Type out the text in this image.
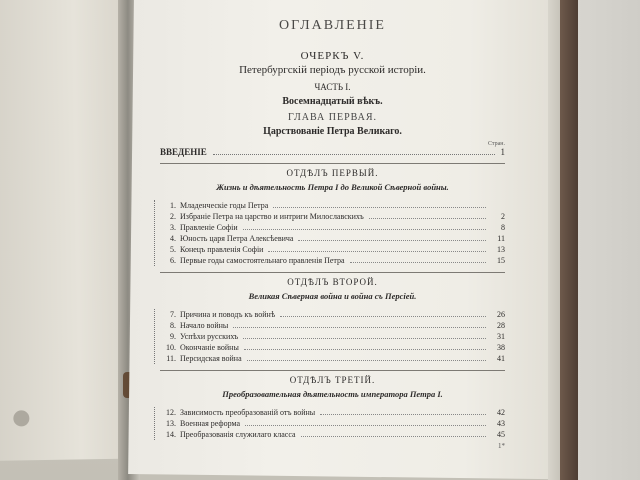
ОГЛАВЛЕНІЕ
ОЧЕРКЪ V.
Петербургскій періодъ русской исторіи.
ЧАСТЬ I.
Восемнадцатый вѣкъ.
ГЛАВА ПЕРВАЯ.
Царствованіе Петра Великаго.
Стран.
ВВЕДЕНІЕ	1
ОТДѢЛЪ ПЕРВЫЙ.
Жизнь и дѣятельность Петра I до Великой Сѣверной войны.
1. Младенческіе годы Петра
2. Избраніе Петра на царство и интриги Милославскихъ	2
3. Правленіе Софіи	8
4. Юность царя Петра Алексѣевича	11
5. Конецъ правленія Софіи	13
6. Первые годы самостоятельнаго правленія Петра	15
ОТДѢЛЪ ВТОРОЙ.
Великая Сѣверная война и война съ Персіей.
7. Причина и поводъ къ войнѣ	26
8. Начало войны	28
9. Успѣхи русскихъ	31
10. Окончаніе войны	38
11. Персидская война	41
ОТДѢЛЪ ТРЕТІЙ.
Преобразовательная дѣятельность императора Петра I.
12. Зависимость преобразованій отъ войны	42
13. Военная реформа	43
14. Преобразованія служилаго класса	45
1*
